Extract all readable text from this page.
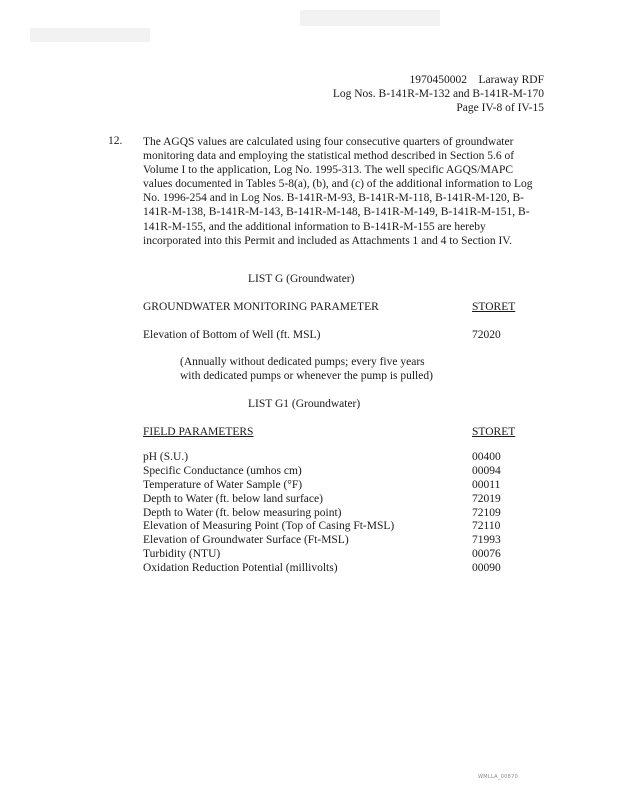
1970450002    Laraway RDF
Log Nos. B-141R-M-132 and B-141R-M-170
Page IV-8 of IV-15
12. The AGQS values are calculated using four consecutive quarters of groundwater monitoring data and employing the statistical method described in Section 5.6 of Volume I to the application, Log No. 1995-313. The well specific AGQS/MAPC values documented in Tables 5-8(a), (b), and (c) of the additional information to Log No. 1996-254 and in Log Nos. B-141R-M-93, B-141R-M-118, B-141R-M-120, B-141R-M-138, B-141R-M-143, B-141R-M-148, B-141R-M-149, B-141R-M-151, B-141R-M-155, and the additional information to B-141R-M-155 are hereby incorporated into this Permit and included as Attachments 1 and 4 to Section IV.
LIST G (Groundwater)
GROUNDWATER MONITORING PARAMETER	STORET
Elevation of Bottom of Well (ft. MSL)	72020
(Annually without dedicated pumps; every five years
with dedicated pumps or whenever the pump is pulled)
LIST G1 (Groundwater)
FIELD PARAMETERS	STORET
pH (S.U.)	00400
Specific Conductance (umhos cm)	00094
Temperature of Water Sample (°F)	00011
Depth to Water (ft. below land surface)	72019
Depth to Water (ft. below measuring point)	72109
Elevation of Measuring Point (Top of Casing Ft-MSL)	72110
Elevation of Groundwater Surface (Ft-MSL)	71993
Turbidity (NTU)	00076
Oxidation Reduction Potential (millivolts)	00090
WMLLA_00870
